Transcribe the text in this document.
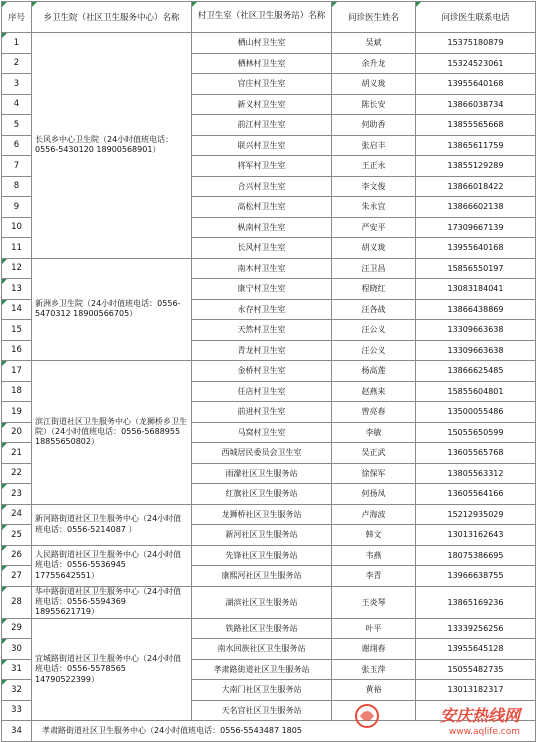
序号	乡卫生院（社区卫生服务中心）名称	村卫生室（社区卫生服务站）名称	问诊医生姓名	问诊医生联系电话
1	长风乡中心卫生院（24小时值班电话：0556-5430120 18900568901）	栖山村卫生室	吴斌	15375180879
2		栖林村卫生室	余升龙	15324523061
3		官庄村卫生室	胡义珑	13955640168
4		新义村卫生室	陈长安	13866038734
5		前江村卫生室	何助香	13855565668
6		联兴村卫生室	张启丰	13865611759
7		将军村卫生室	王正永	13855129289
8		合兴村卫生室	李文俊	13866018422
9		高松村卫生室	朱永宜	13866602138
10		枞南村卫生室	严安平	17309667139
11		长风村卫生室	胡义珑	13955640168
12	新洲乡卫生院（24小时值班电话：0556-5470312 18900566705）	南木村卫生室	汪卫昌	15856550197
13		康宁村卫生室	程晓红	13083184041
14		永存村卫生室	汪各战	13866438869
15		天然村卫生室	汪公义	13309663638
16		青龙村卫生室	汪公义	13309663638
17	滨江街道社区卫生服务中心（龙狮桥乡卫生院）（24小时值班电话：0556-5688955 18855650802）	金桥村卫生室	杨高莲	13866625485
18		任店村卫生室	赵燕来	15855604801
19		前进村卫生室	曾亮春	13500055486
20		马窝村卫生室	李敏	15055650599
21		西城居民委员会卫生室	吴正武	13605565768
22		雨濛社区卫生服务站	徐保军	13805563312
23		红旗社区卫生服务站	何扬凤	13605564166
24	新河路街道社区卫生服务中心（24小时值班电话：0556-5214087 ）	龙狮桥社区卫生服务站	卢海波	15212935029
25		新河社区卫生服务站	韩文	13013162643
26	人民路街道社区卫生服务中心（24小时值班电话：0556-5536945 17755642551）	先锋社区卫生服务站	韦燕	18075386695
27		康熙河社区卫生服务站	李青	13966638755
28	华中路街道社区卫生服务中心（24小时值班电话：0556-5594369 18955621719）	湖滨社区卫生服务站	王炎琴	13865169236
29	宜城路街道社区卫生服务中心（24小时值班电话：0556-5578565 14790522399）	铁路社区卫生服务站	叶平	13339256256
30		南水回族社区卫生服务站	谢翊春	13955645128
31		孝肃路街道社区卫生服务站	张玉萍	15055482735
32		大南门社区卫生服务站	黄裕	13013182317
33		天名宫社区卫生服务站		
34	孝肃路街道社区卫生服务中心（24小时值班电话：0556-5543487 1805			
安庆热线网
www.aqlife.com
